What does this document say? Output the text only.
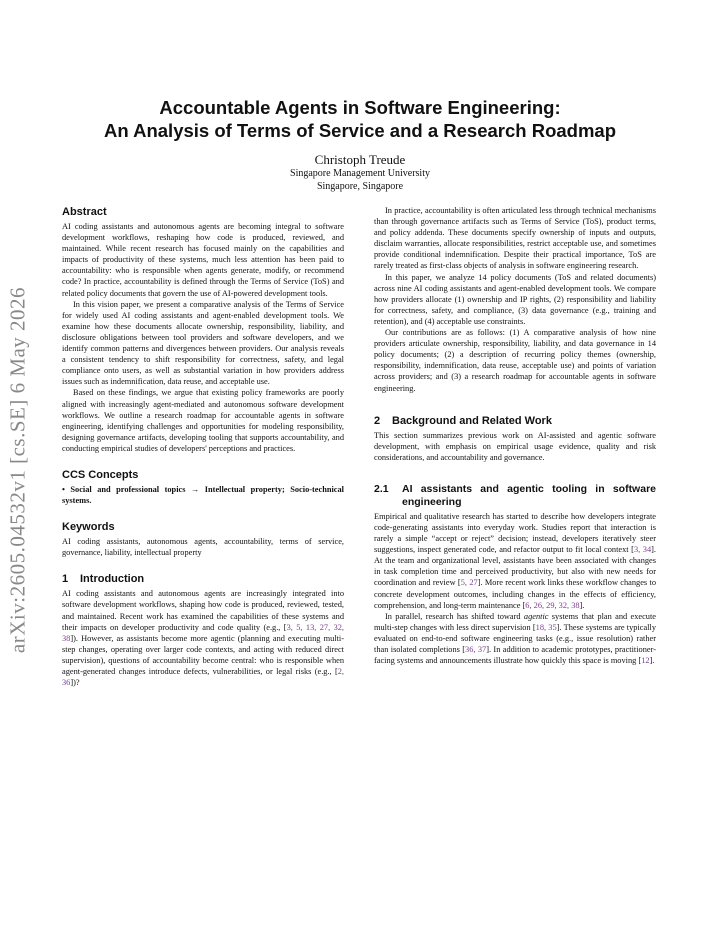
arXiv:2605.04532v1 [cs.SE] 6 May 2026
Accountable Agents in Software Engineering:
An Analysis of Terms of Service and a Research Roadmap
Christoph Treude
Singapore Management University
Singapore, Singapore
Abstract

AI coding assistants and autonomous agents are becoming integral to software development workflows, reshaping how code is produced, reviewed, and maintained. While recent research has focused mainly on the capabilities and impacts of productivity of these systems, much less attention has been paid to accountability: who is responsible when agents generate, modify, or recommend code? In practice, accountability is defined through the Terms of Service (ToS) and related policy documents that govern the use of AI-powered development tools.

In this vision paper, we present a comparative analysis of the Terms of Service for widely used AI coding assistants and agent-enabled development tools. We examine how these documents allocate ownership, responsibility, liability, and disclosure obligations between tool providers and software developers, and we identify common patterns and divergences between providers. Our analysis reveals a consistent tendency to shift responsibility for correctness, safety, and legal compliance onto users, as well as substantial variation in how providers address issues such as indemnification, data reuse, and acceptable use.

Based on these findings, we argue that existing policy frameworks are poorly aligned with increasingly agent-mediated and autonomous software development workflows. We outline a research roadmap for accountable agents in software engineering, identifying challenges and opportunities for modeling responsibility, designing governance artifacts, developing tooling that supports accountability, and conducting empirical studies of developers' perceptions and practices.

CCS Concepts

• Social and professional topics → Intellectual property; Socio-technical systems.

Keywords

AI coding assistants, autonomous agents, accountability, terms of service, governance, liability, intellectual property

1 Introduction

AI coding assistants and autonomous agents are increasingly integrated into software development workflows, shaping how code is produced, reviewed, tested, and maintained. Recent work has examined the capabilities of these systems and their impacts on developer productivity and code quality (e.g., [3, 5, 13, 27, 32, 38]). However, as assistants become more agentic (planning and executing multi-step changes, operating over larger code contexts, and acting with reduced direct supervision), questions of accountability become central: who is responsible when agent-generated changes introduce defects, vulnerabilities, or legal risks (e.g., [2, 36])?

In practice, accountability is often articulated less through technical mechanisms than through governance artifacts such as Terms of Service (ToS), product terms, and policy addenda. These documents specify ownership of inputs and outputs, disclaim warranties, allocate responsibilities, restrict acceptable use, and sometimes provide conditional indemnification. Despite their practical importance, ToS are rarely treated as first-class objects of analysis in software engineering research.

In this paper, we analyze 14 policy documents (ToS and related documents) across nine AI coding assistants and agent-enabled development tools. We compare how providers allocate (1) ownership and IP rights, (2) responsibility and liability for correctness, safety, and compliance, (3) data governance (e.g., training and retention), and (4) acceptable use constraints.

Our contributions are as follows: (1) A comparative analysis of how nine providers articulate ownership, responsibility, liability, and data governance in 14 policy documents; (2) a description of recurring policy themes (ownership, responsibility, indemnification, data reuse, acceptable use) and points of variation across providers; and (3) a research roadmap for accountable agents in software engineering.

2 Background and Related Work

This section summarizes previous work on AI-assisted and agentic software development, with emphasis on empirical usage evidence, quality and risk considerations, and accountability and governance.

2.1 AI assistants and agentic tooling in software engineering

Empirical and qualitative research has started to describe how developers integrate code-generating assistants into everyday work. Studies report that interaction is rarely a simple “accept or reject” decision; instead, developers iteratively steer suggestions, inspect generated code, and refactor output to fit local context [3, 34]. At the team and organizational level, assistants have been associated with changes in task completion time and perceived productivity, but also with new needs for coordination and review [5, 27]. More recent work links these workflow changes to concrete development outcomes, including changes in the effects of efficiency, comprehension, and long-term maintenance [6, 26, 29, 32, 38].

In parallel, research has shifted toward agentic systems that plan and execute multi-step changes with less direct supervision [18, 35]. These systems are typically evaluated on end-to-end software engineering tasks (e.g., issue resolution) rather than isolated completions [36, 37]. In addition to academic prototypes, practitioner-facing systems and announcements illustrate how quickly this space is moving [12].
